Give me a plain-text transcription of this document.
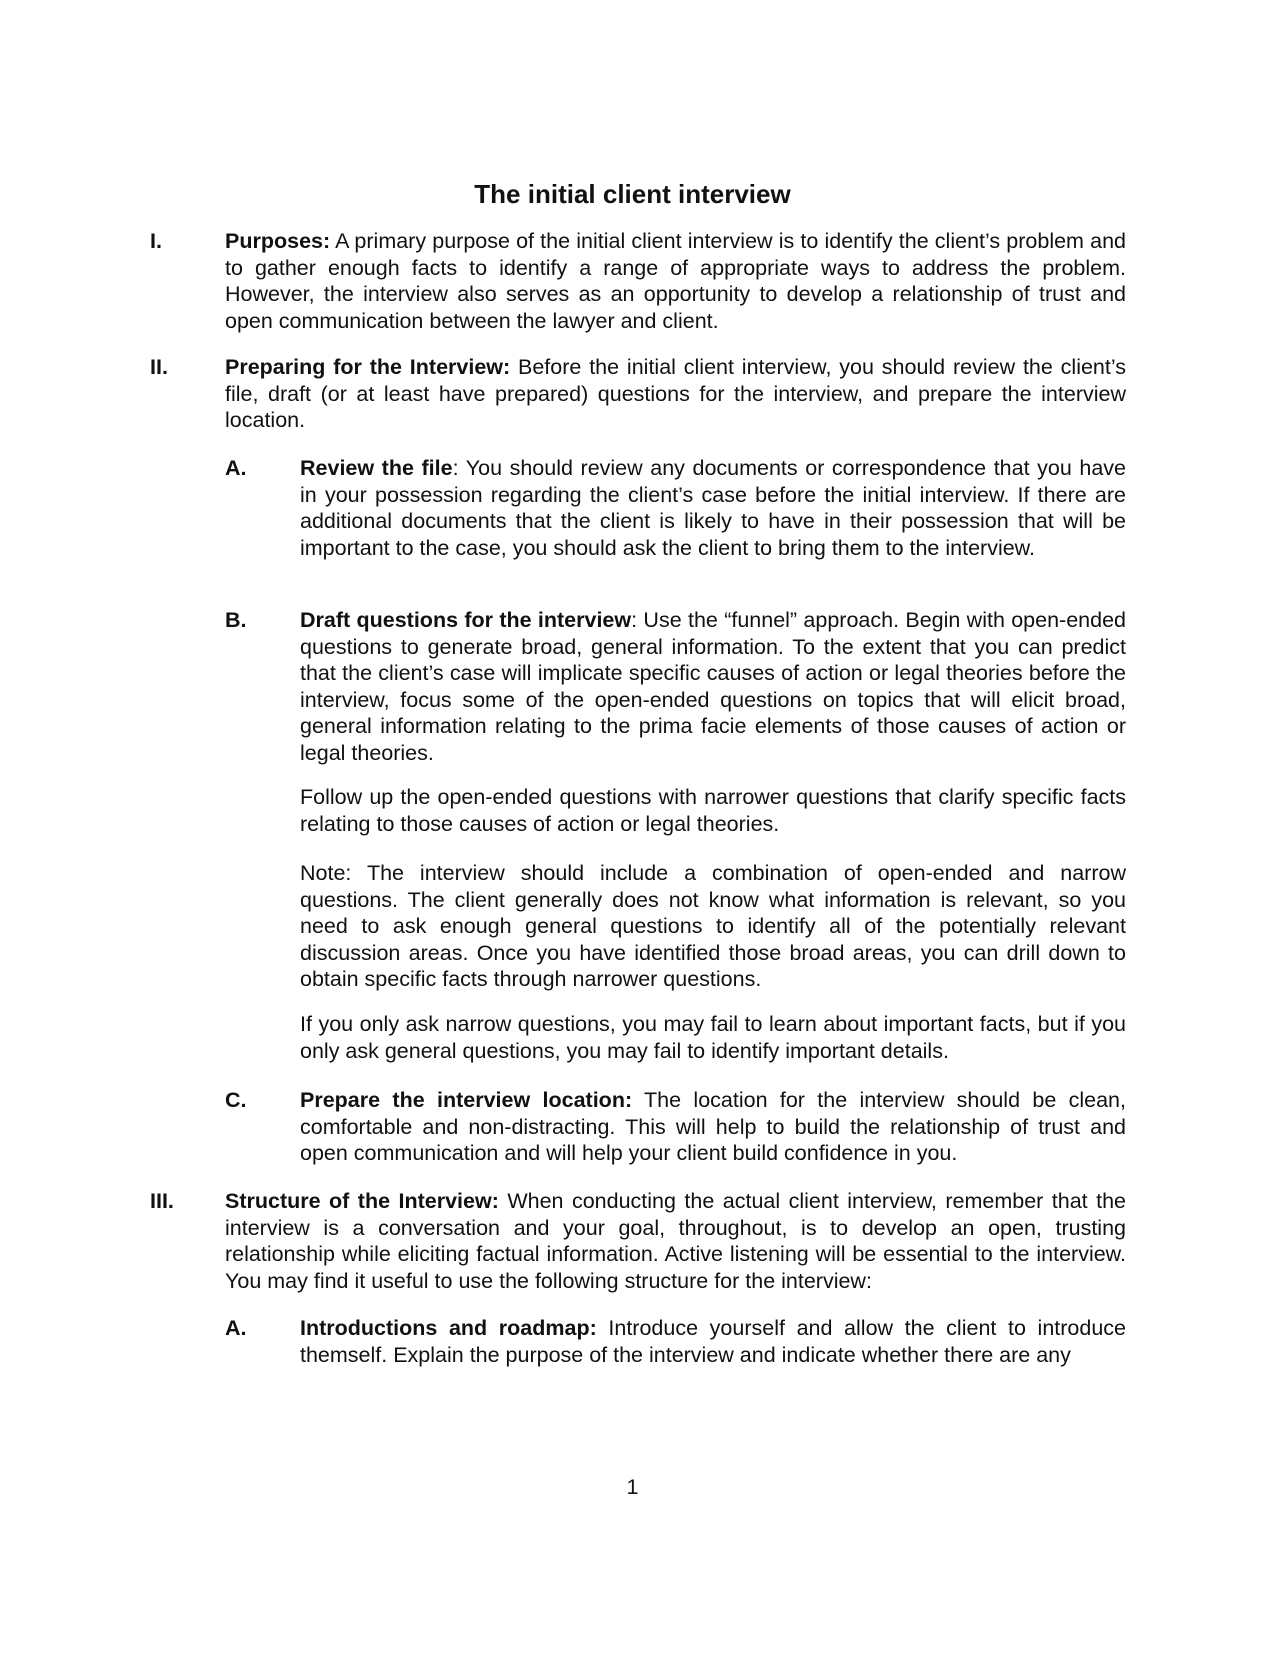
The initial client interview
I.	Purposes: A primary purpose of the initial client interview is to identify the client’s problem and to gather enough facts to identify a range of appropriate ways to address the problem. However, the interview also serves as an opportunity to develop a relationship of trust and open communication between the lawyer and client.
II.	Preparing for the Interview: Before the initial client interview, you should review the client’s file, draft (or at least have prepared) questions for the interview, and prepare the interview location.
A. Review the file: You should review any documents or correspondence that you have in your possession regarding the client’s case before the initial interview. If there are additional documents that the client is likely to have in their possession that will be important to the case, you should ask the client to bring them to the interview.
B. Draft questions for the interview: Use the “funnel” approach. Begin with open-ended questions to generate broad, general information. To the extent that you can predict that the client’s case will implicate specific causes of action or legal theories before the interview, focus some of the open-ended questions on topics that will elicit broad, general information relating to the prima facie elements of those causes of action or legal theories.
Follow up the open-ended questions with narrower questions that clarify specific facts relating to those causes of action or legal theories.
Note: The interview should include a combination of open-ended and narrow questions. The client generally does not know what information is relevant, so you need to ask enough general questions to identify all of the potentially relevant discussion areas. Once you have identified those broad areas, you can drill down to obtain specific facts through narrower questions.
If you only ask narrow questions, you may fail to learn about important facts, but if you only ask general questions, you may fail to identify important details.
C. Prepare the interview location: The location for the interview should be clean, comfortable and non-distracting. This will help to build the relationship of trust and open communication and will help your client build confidence in you.
III. Structure of the Interview: When conducting the actual client interview, remember that the interview is a conversation and your goal, throughout, is to develop an open, trusting relationship while eliciting factual information. Active listening will be essential to the interview. You may find it useful to use the following structure for the interview:
A. Introductions and roadmap: Introduce yourself and allow the client to introduce themself. Explain the purpose of the interview and indicate whether there are any
1
